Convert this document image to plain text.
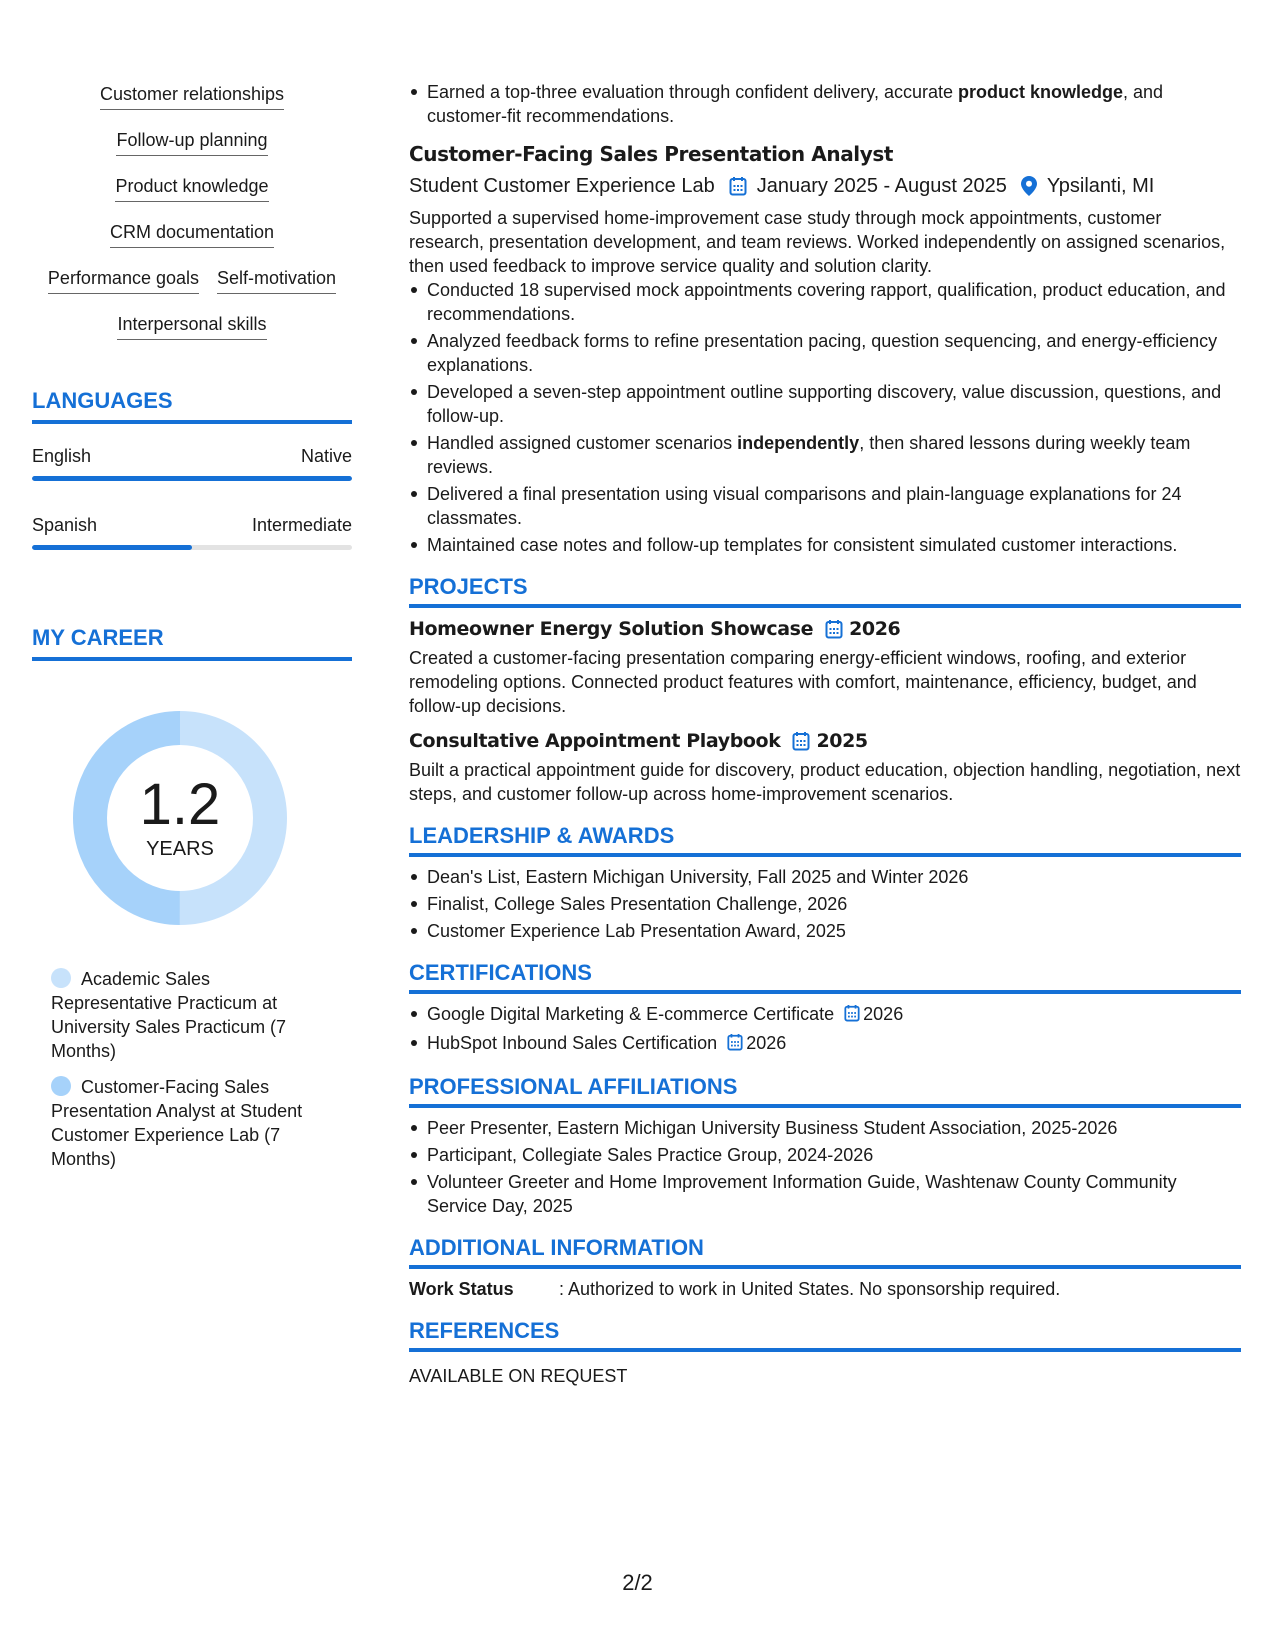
Customer relationships
Follow-up planning
Product knowledge
CRM documentation
Performance goals Self-motivation
Interpersonal skills
LANGUAGES
English	Native
Spanish	Intermediate
MY CAREER
1.2
YEARS
Academic Sales Representative Practicum at University Sales Practicum (7 Months)
Customer-Facing Sales Presentation Analyst at Student Customer Experience Lab (7 Months)
Earned a top-three evaluation through confident delivery, accurate product knowledge, and customer-fit recommendations.
Customer-Facing Sales Presentation Analyst
Student Customer Experience Lab January 2025 - August 2025 Ypsilanti, MI
Supported a supervised home-improvement case study through mock appointments, customer research, presentation development, and team reviews. Worked independently on assigned scenarios, then used feedback to improve service quality and solution clarity.
Conducted 18 supervised mock appointments covering rapport, qualification, product education, and recommendations.
Analyzed feedback forms to refine presentation pacing, question sequencing, and energy-efficiency explanations.
Developed a seven-step appointment outline supporting discovery, value discussion, questions, and follow-up.
Handled assigned customer scenarios independently, then shared lessons during weekly team reviews.
Delivered a final presentation using visual comparisons and plain-language explanations for 24 classmates.
Maintained case notes and follow-up templates for consistent simulated customer interactions.
PROJECTS
Homeowner Energy Solution Showcase 2026
Created a customer-facing presentation comparing energy-efficient windows, roofing, and exterior remodeling options. Connected product features with comfort, maintenance, efficiency, budget, and follow-up decisions.
Consultative Appointment Playbook 2025
Built a practical appointment guide for discovery, product education, objection handling, negotiation, next steps, and customer follow-up across home-improvement scenarios.
LEADERSHIP & AWARDS
Dean's List, Eastern Michigan University, Fall 2025 and Winter 2026
Finalist, College Sales Presentation Challenge, 2026
Customer Experience Lab Presentation Award, 2025
CERTIFICATIONS
Google Digital Marketing & E-commerce Certificate 2026
HubSpot Inbound Sales Certification 2026
PROFESSIONAL AFFILIATIONS
Peer Presenter, Eastern Michigan University Business Student Association, 2025-2026
Participant, Collegiate Sales Practice Group, 2024-2026
Volunteer Greeter and Home Improvement Information Guide, Washtenaw County Community Service Day, 2025
ADDITIONAL INFORMATION
Work Status	: Authorized to work in United States. No sponsorship required.
REFERENCES
AVAILABLE ON REQUEST
2/2
